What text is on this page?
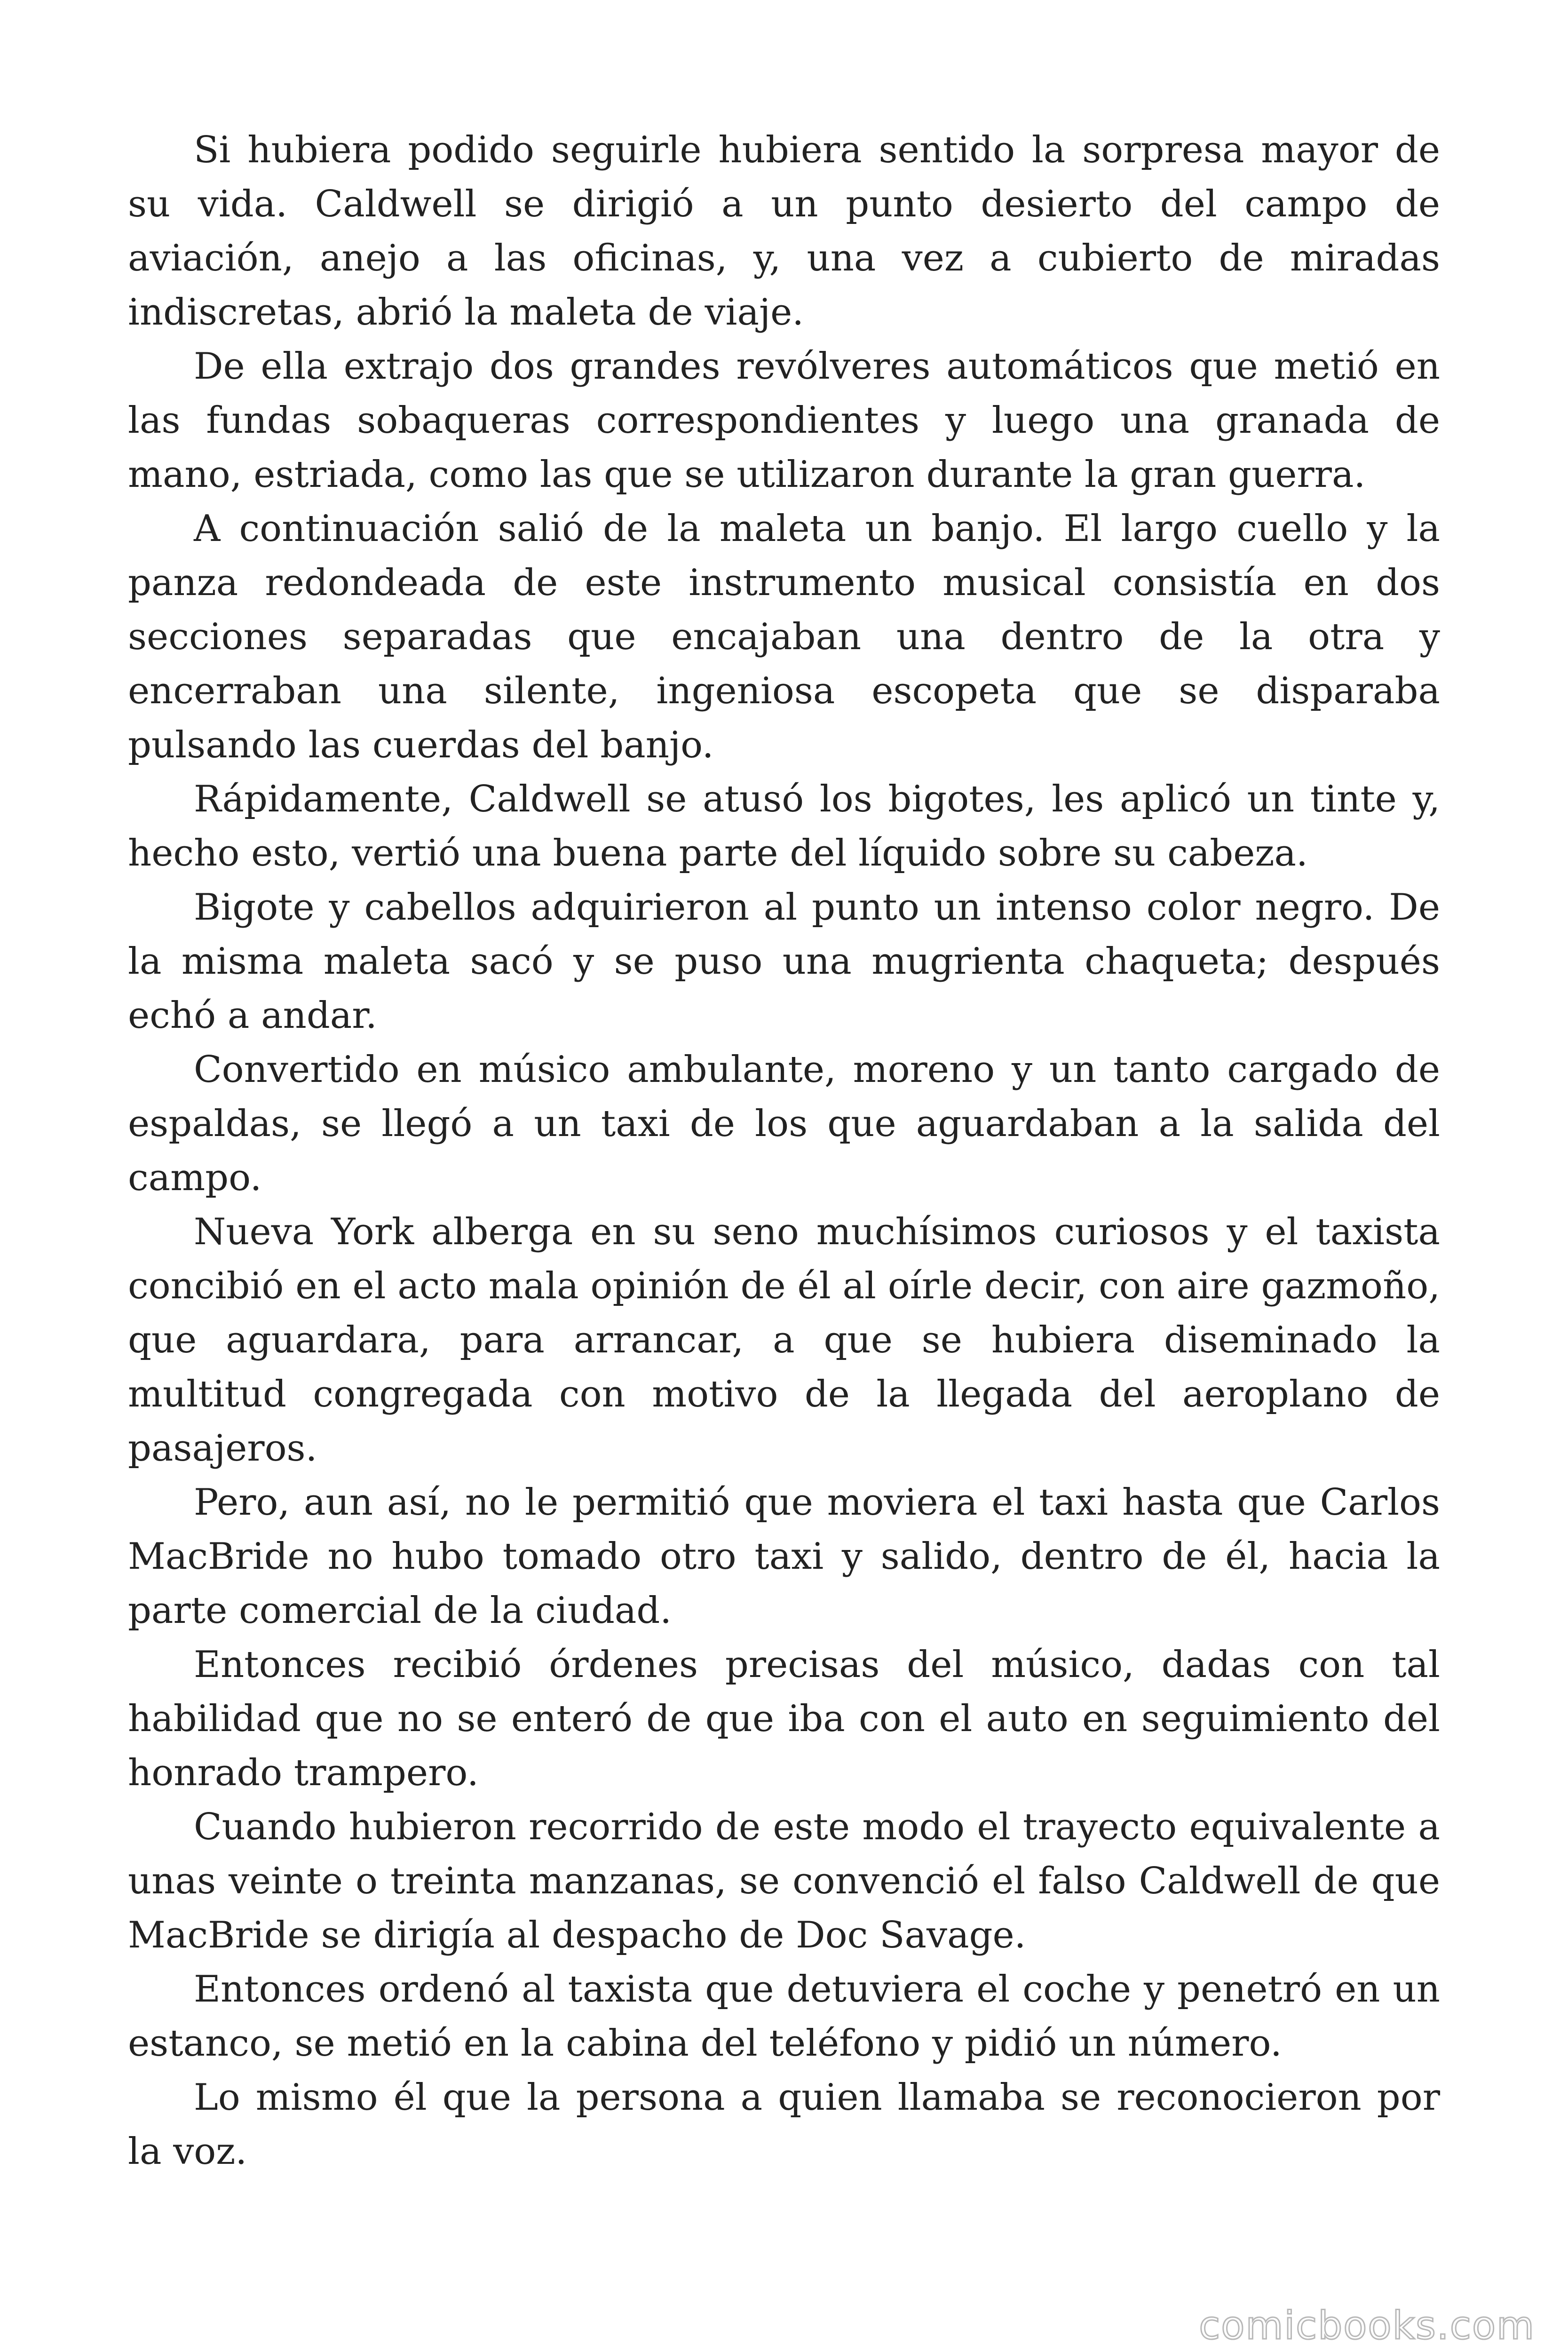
Si hubiera podido seguirle hubiera sentido la sorpresa mayor de su vida. Caldwell se dirigió a un punto desierto del campo de aviación, anejo a las oficinas, y, una vez a cubierto de miradas indiscretas, abrió la maleta de viaje.

De ella extrajo dos grandes revólveres automáticos que metió en las fundas sobaqueras correspondientes y luego una granada de mano, estriada, como las que se utilizaron durante la gran guerra.

A continuación salió de la maleta un banjo. El largo cuello y la panza redondeada de este instrumento musical consistía en dos secciones separadas que encajaban una dentro de la otra y encerraban una silente, ingeniosa escopeta que se disparaba pulsando las cuerdas del banjo.

Rápidamente, Caldwell se atusó los bigotes, les aplicó un tinte y, hecho esto, vertió una buena parte del líquido sobre su cabeza.

Bigote y cabellos adquirieron al punto un intenso color negro. De la misma maleta sacó y se puso una mugrienta chaqueta; después echó a andar.

Convertido en músico ambulante, moreno y un tanto cargado de espaldas, se llegó a un taxi de los que aguardaban a la salida del campo.

Nueva York alberga en su seno muchísimos curiosos y el taxista concibió en el acto mala opinión de él al oírle decir, con aire gazmoño, que aguardara, para arrancar, a que se hubiera diseminado la multitud congregada con motivo de la llegada del aeroplano de pasajeros.

Pero, aun así, no le permitió que moviera el taxi hasta que Carlos MacBride no hubo tomado otro taxi y salido, dentro de él, hacia la parte comercial de la ciudad.

Entonces recibió órdenes precisas del músico, dadas con tal habilidad que no se enteró de que iba con el auto en seguimiento del honrado trampero.

Cuando hubieron recorrido de este modo el trayecto equivalente a unas veinte o treinta manzanas, se convenció el falso Caldwell de que MacBride se dirigía al despacho de Doc Savage.

Entonces ordenó al taxista que detuviera el coche y penetró en un estanco, se metió en la cabina del teléfono y pidió un número.

Lo mismo él que la persona a quien llamaba se reconocieron por la voz.

comicbooks.com
